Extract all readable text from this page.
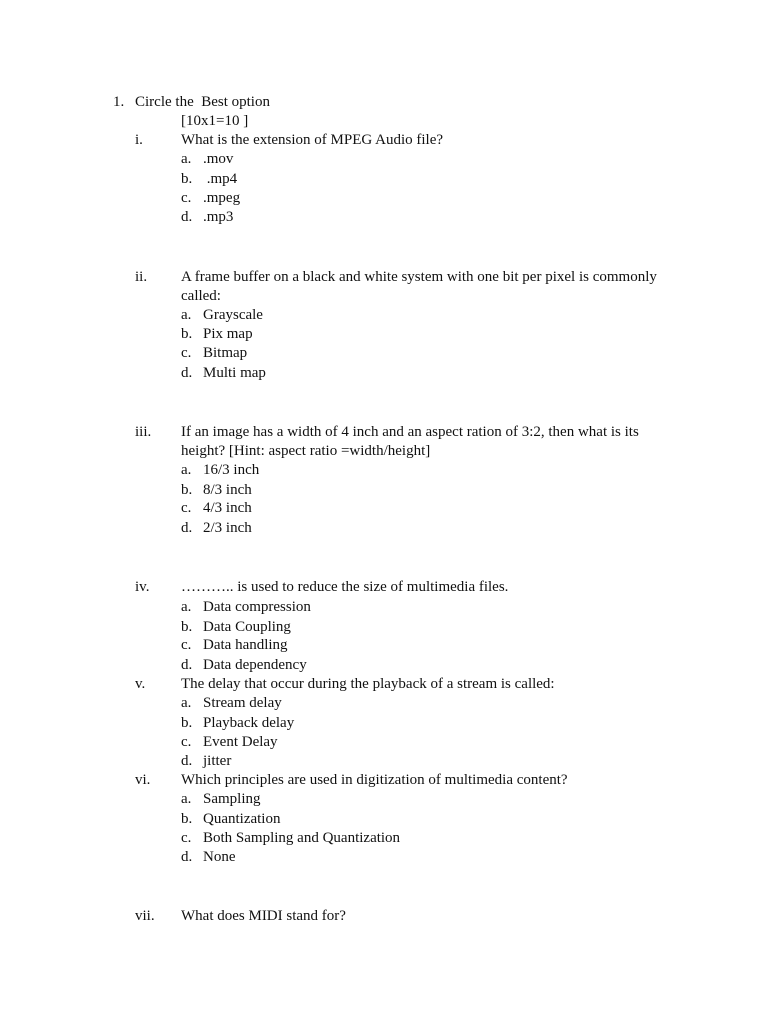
1. Circle the  Best option
[10x1=10 ]
i.	What is the extension of MPEG Audio file?
a. .mov
b. .mp4
c. .mpeg
d. .mp3
ii. A frame buffer on a black and white system with one bit per pixel is commonly
called:
a. Grayscale
b. Pix map
c. Bitmap
d. Multi map
iii. If an image has a width of 4 inch and an aspect ration of 3:2, then what is its
height? [Hint: aspect ratio =width/height]
a. 16/3 inch
b. 8/3 inch
c. 4/3 inch
d. 2/3 inch
iv. ……….. is used to reduce the size of multimedia files.
a. Data compression
b. Data Coupling
c. Data handling
d. Data dependency
v. The delay that occur during the playback of a stream is called:
a. Stream delay
b. Playback delay
c. Event Delay
d. jitter
vi. Which principles are used in digitization of multimedia content?
a. Sampling
b. Quantization
c. Both Sampling and Quantization
d. None
vii. What does MIDI stand for?
